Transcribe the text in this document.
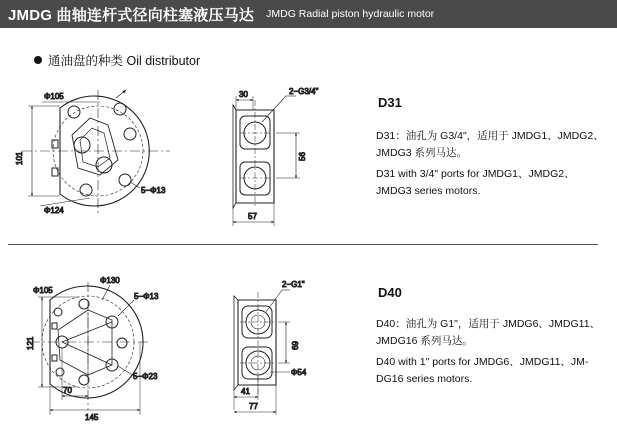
JMDG 曲轴连杆式径向柱塞液压马达 JMDG Radial piston hydraulic motor
通油盘的种类 Oil distributor
D31

D31：油孔为 G3/4"，适用于 JMDG1、JMDG2、JMDG3 系列马达。

D31 with 3/4" ports for JMDG1、JMDG2、JMDG3 series motors.

D40

D40：油孔为 G1"，适用于 JMDG6、JMDG11、JMDG16 系列马达。

D40 with 1" ports for JMDG6、JMDG11、JM-DG16 series motors.

Φ105
101
Φ124
5−Φ13
30	2−G3/4"
56
57
Φ105
Φ130
5−Φ13
121
5−Φ23
70
145
2−G1"
69
Φ54
41
77
